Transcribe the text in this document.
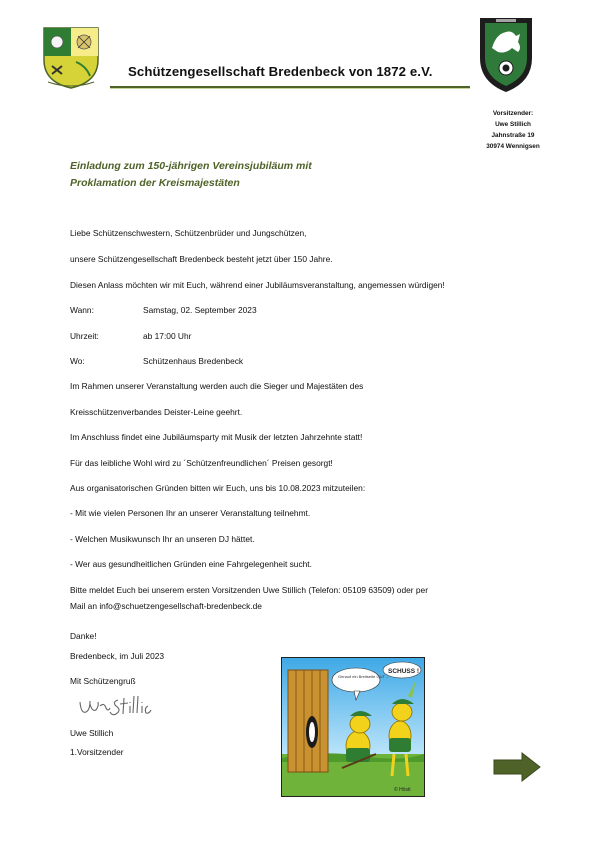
Schützengesellschaft Bredenbeck von 1872 e.V.
Vorsitzender:
Uwe Stillich
Jahnstraße 19
30974 Wennigsen
Einladung zum 150-jährigen Vereinsjubiläum mit
Proklamation der Kreismajestäten
Liebe Schützenschwestern, Schützenbrüder und Jungschützen,
unsere Schützengesellschaft Bredenbeck besteht jetzt über 150 Jahre.
Diesen Anlass möchten wir mit Euch, während einer Jubiläumsveranstaltung, angemessen würdigen!
Wann:	Samstag, 02. September 2023
Uhrzeit:	ab 17:00 Uhr
Wo:	Schützenhaus Bredenbeck
Im Rahmen unserer Veranstaltung werden auch die Sieger und Majestäten des
Kreisschützenverbandes Deister-Leine geehrt.
Im Anschluss findet eine Jubiläumsparty mit Musik der letzten Jahrzehnte statt!
Für das leibliche Wohl wird zu ´Schützenfreundlichen´ Preisen gesorgt!
Aus organisatorischen Gründen bitten wir Euch, uns bis 10.08.2023 mitzuteilen:
- Mit wie vielen Personen Ihr an unserer Veranstaltung teilnehmt.
- Welchen Musikwunsch Ihr an unseren DJ hättet.
- Wer aus gesundheitlichen Gründen eine Fahrgelegenheit sucht.
Bitte meldet Euch bei unserem ersten Vorsitzenden Uwe Stillich (Telefon: 05109 63509) oder per
Mail an info@schuetzengesellschaft-bredenbeck.de
Danke!
Bredenbeck, im Juli 2023
Mit Schützengruß
Uwe Stillich
1.Vorsitzender
Genauf ein Breitseite GUT ...
SCHUSS !
© Hösti
